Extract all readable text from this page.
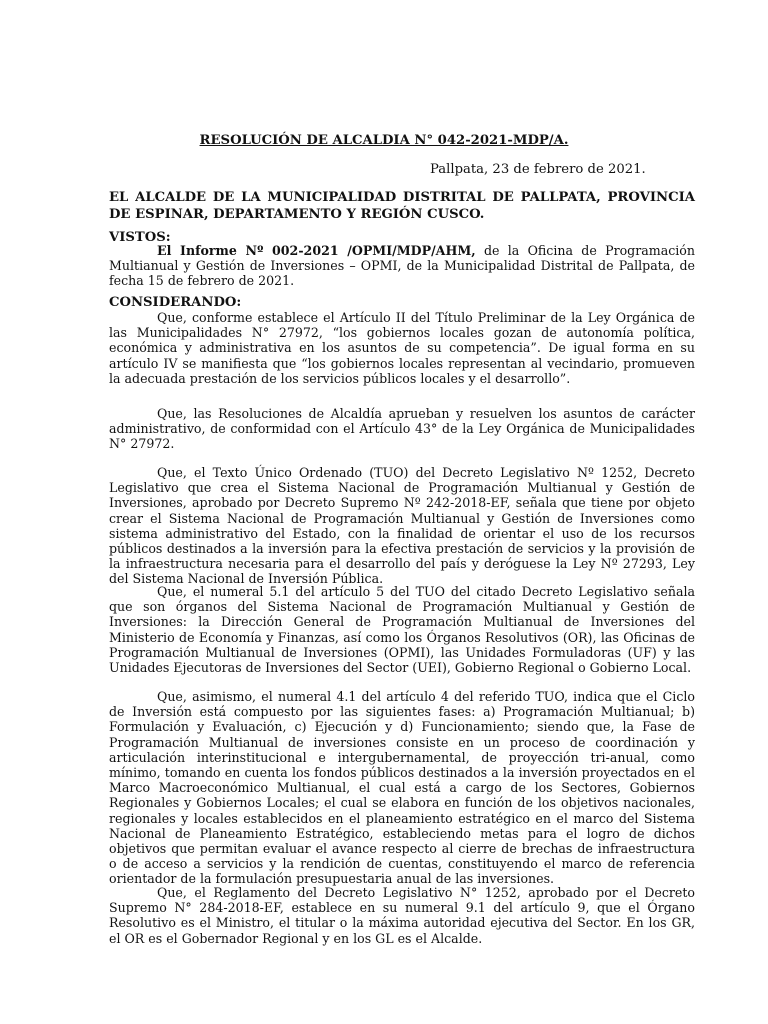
RESOLUCIÓN DE ALCALDIA N° 042-2021-MDP/A.
Pallpata, 23 de febrero de 2021.
EL ALCALDE DE LA MUNICIPALIDAD DISTRITAL DE PALLPATA, PROVINCIA DE ESPINAR, DEPARTAMENTO Y REGIÓN CUSCO.
VISTOS:

El Informe Nº 002-2021 /OPMI/MDP/AHM, de la Oficina de Programación Multianual y Gestión de Inversiones – OPMI, de la Municipalidad Distrital de Pallpata, de fecha 15 de febrero de 2021.

CONSIDERANDO:

Que, conforme establece el Artículo II del Título Preliminar de la Ley Orgánica de las Municipalidades N° 27972, “los gobiernos locales gozan de autonomía política, económica y administrativa en los asuntos de su competencia”. De igual forma en su artículo IV se manifiesta que “los gobiernos locales representan al vecindario, promueven la adecuada prestación de los servicios públicos locales y el desarrollo”.

Que, las Resoluciones de Alcaldía aprueban y resuelven los asuntos de carácter administrativo, de conformidad con el Artículo 43° de la Ley Orgánica de Municipalidades N° 27972.

Que, el Texto Único Ordenado (TUO) del Decreto Legislativo Nº 1252, Decreto Legislativo que crea el Sistema Nacional de Programación Multianual y Gestión de Inversiones, aprobado por Decreto Supremo Nº 242-2018-EF, señala que tiene por objeto crear el Sistema Nacional de Programación Multianual y Gestión de Inversiones como sistema administrativo del Estado, con la finalidad de orientar el uso de los recursos públicos destinados a la inversión para la efectiva prestación de servicios y la provisión de la infraestructura necesaria para el desarrollo del país y deróguese la Ley Nº 27293, Ley del Sistema Nacional de Inversión Pública.

Que, el numeral 5.1 del artículo 5 del TUO del citado Decreto Legislativo señala que son órganos del Sistema Nacional de Programación Multianual y Gestión de Inversiones: la Dirección General de Programación Multianual de Inversiones del Ministerio de Economía y Finanzas, así como los Órganos Resolutivos (OR), las Oficinas de Programación Multianual de Inversiones (OPMI), las Unidades Formuladoras (UF) y las Unidades Ejecutoras de Inversiones del Sector (UEI), Gobierno Regional o Gobierno Local.

Que, asimismo, el numeral 4.1 del artículo 4 del referido TUO, indica que el Ciclo de Inversión está compuesto por las siguientes fases: a) Programación Multianual; b) Formulación y Evaluación, c) Ejecución y d) Funcionamiento; siendo que, la Fase de Programación Multianual de inversiones consiste en un proceso de coordinación y articulación interinstitucional e intergubernamental, de proyección tri-anual, como mínimo, tomando en cuenta los fondos públicos destinados a la inversión proyectados en el Marco Macroeconómico Multianual, el cual está a cargo de los Sectores, Gobiernos Regionales y Gobiernos Locales; el cual se elabora en función de los objetivos nacionales, regionales y locales establecidos en el planeamiento estratégico en el marco del Sistema Nacional de Planeamiento Estratégico, estableciendo metas para el logro de dichos objetivos que permitan evaluar el avance respecto al cierre de brechas de infraestructura o de acceso a servicios y la rendición de cuentas, constituyendo el marco de referencia orientador de la formulación presupuestaria anual de las inversiones.

Que, el Reglamento del Decreto Legislativo N° 1252, aprobado por el Decreto Supremo N° 284-2018-EF, establece en su numeral 9.1 del artículo 9, que el Órgano Resolutivo es el Ministro, el titular o la máxima autoridad ejecutiva del Sector. En los GR, el OR es el Gobernador Regional y en los GL es el Alcalde.
